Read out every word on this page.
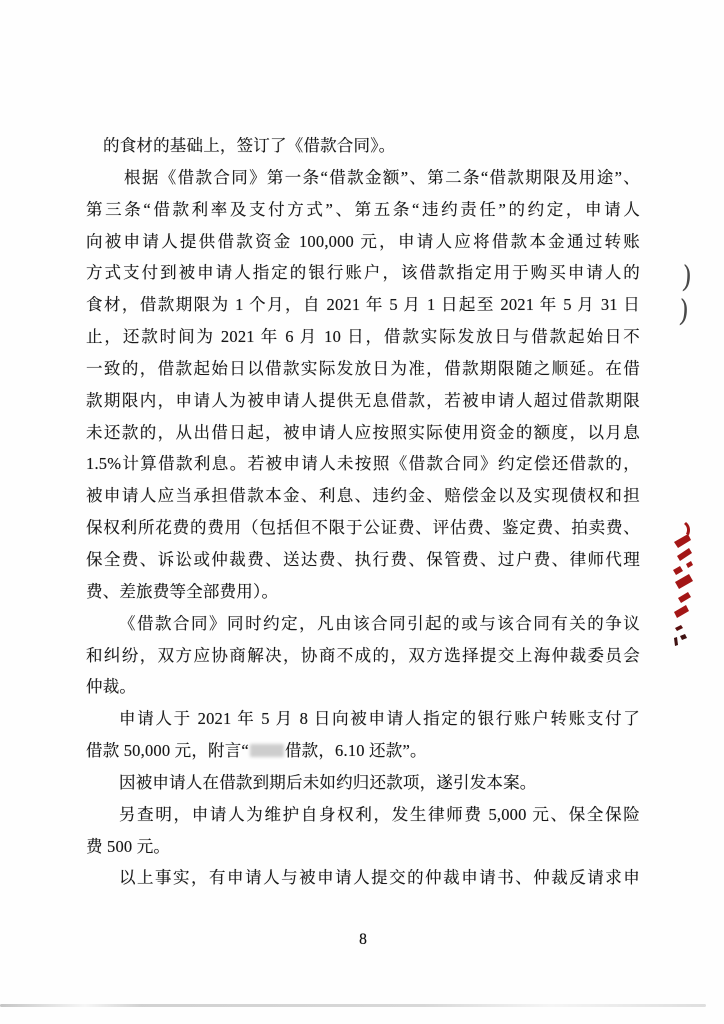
的食材的基础上，签订了《借款合同》。
根据《借款合同》第一条“借款金额”、第二条“借款期限及用途”、
第三条“借款利率及支付方式”、第五条“违约责任”的约定，申请人
向被申请人提供借款资金 100,000 元，申请人应将借款本金通过转账
方式支付到被申请人指定的银行账户，该借款指定用于购买申请人的
食材，借款期限为 1 个月，自 2021 年 5 月 1 日起至 2021 年 5 月 31 日
止，还款时间为 2021 年 6 月 10 日，借款实际发放日与借款起始日不
一致的，借款起始日以借款实际发放日为准，借款期限随之顺延。在借
款期限内，申请人为被申请人提供无息借款，若被申请人超过借款期限
未还款的，从出借日起，被申请人应按照实际使用资金的额度，以月息
1.5%计算借款利息。若被申请人未按照《借款合同》约定偿还借款的，
被申请人应当承担借款本金、利息、违约金、赔偿金以及实现债权和担
保权利所花费的费用（包括但不限于公证费、评估费、鉴定费、拍卖费、
保全费、诉讼或仲裁费、送达费、执行费、保管费、过户费、律师代理
费、差旅费等全部费用）。
《借款合同》同时约定，凡由该合同引起的或与该合同有关的争议
和纠纷，双方应协商解决，协商不成的，双方选择提交上海仲裁委员会
仲裁。
申请人于 2021 年 5 月 8 日向被申请人指定的银行账户转账支付了
借款 50,000 元，附言“ 借款，6.10 还款”。
因被申请人在借款到期后未如约归还款项，遂引发本案。
另查明，申请人为维护自身权利，发生律师费 5,000 元、保全保险
费 500 元。
以上事实，有申请人与被申请人提交的仲裁申请书、仲裁反请求申
8
)
)
